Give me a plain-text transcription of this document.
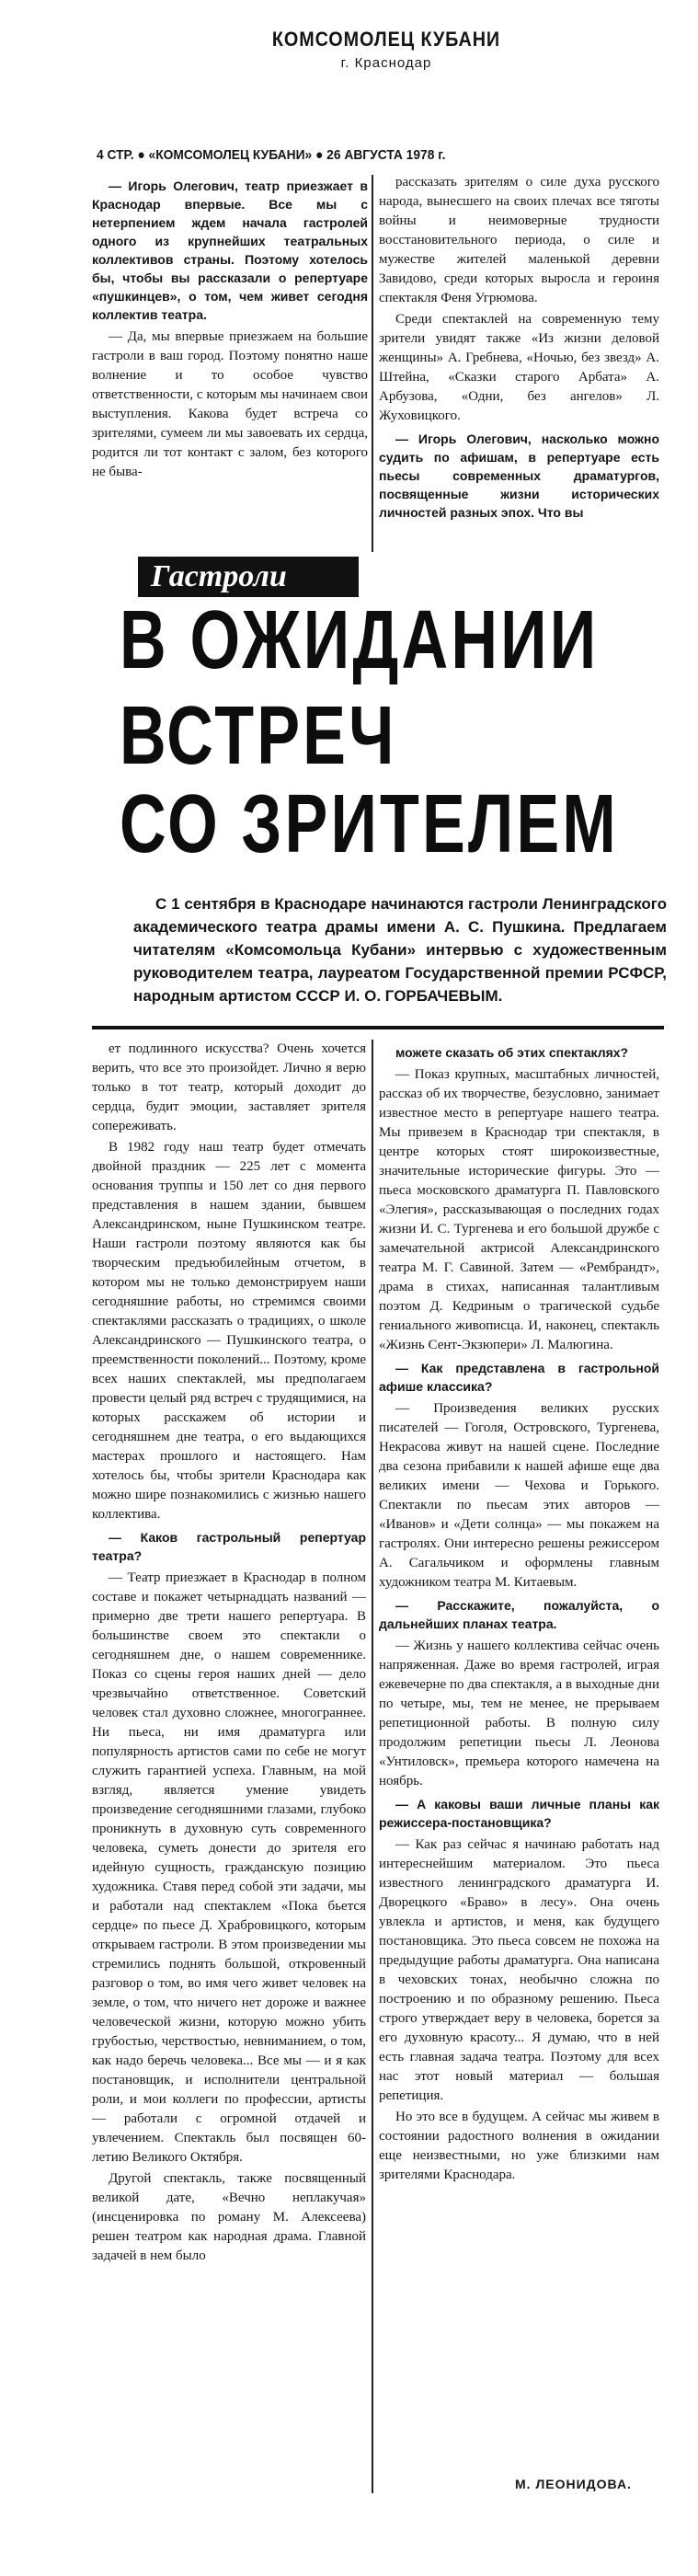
КОМСОМОЛЕЦ КУБАНИ
г. Краснодар
4 СТР. ● «КОМСОМОЛЕЦ КУБАНИ» ● 26 АВГУСТА 1978 г.

— Игорь Олегович, театр приезжает в Краснодар впервые. Все мы с нетерпением ждем начала гастролей одного из крупнейших театральных коллективов страны. Поэтому хотелось бы, чтобы вы рассказали о репертуаре «пушкинцев», о том, чем живет сегодня коллектив театра.

— Да, мы впервые приезжаем на большие гастроли в ваш город. Поэтому понятно наше волнение и то особое чувство ответственности, с которым мы начинаем свои выступления. Какова будет встреча со зрителями, сумеем ли мы завоевать их сердца, родится ли тот контакт с залом, без которого не быва-

рассказать зрителям о силе духа русского народа, вынесшего на своих плечах все тяготы войны и неимоверные трудности восстановительного периода, о силе и мужестве жителей маленькой деревни Завидово, среди которых выросла и героиня спектакля Феня Угрюмова.

Среди спектаклей на современную тему зрители увидят также «Из жизни деловой женщины» А. Гребнева, «Ночью, без звезд» А. Штейна, «Сказки старого Арбата» А. Арбузова, «Одни, без ангелов» Л. Жуховицкого.

— Игорь Олегович, насколько можно судить по афишам, в репертуаре есть пьесы современных драматургов, посвященные жизни исторических личностей разных эпох. Что вы

Гастроли
В ОЖИДАНИИ
ВСТРЕЧ
СО ЗРИТЕЛЕМ
С 1 сентября в Краснодаре начинаются гастроли Ленинградского академического театра драмы имени А. С. Пушкина. Предлагаем читателям «Комсомольца Кубани» интервью с художественным руководителем театра, лауреатом Государственной премии РСФСР, народным артистом СССР И. О. ГОРБАЧЕВЫМ.

ет подлинного искусства? Очень хочется верить, что все это произойдет. Лично я верю только в тот театр, который доходит до сердца, будит эмоции, заставляет зрителя сопереживать.

В 1982 году наш театр будет отмечать двойной праздник — 225 лет с момента основания труппы и 150 лет со дня первого представления в нашем здании, бывшем Александринском, ныне Пушкинском театре. Наши гастроли поэтому являются как бы творческим предъюбилейным отчетом, в котором мы не только демонстрируем наши сегодняшние работы, но стремимся своими спектаклями рассказать о традициях, о школе Александринского — Пушкинского театра, о преемственности поколений... Поэтому, кроме всех наших спектаклей, мы предполагаем провести целый ряд встреч с трудящимися, на которых расскажем об истории и сегодняшнем дне театра, о его выдающихся мастерах прошлого и настоящего. Нам хотелось бы, чтобы зрители Краснодара как можно шире познакомились с жизнью нашего коллектива.

— Каков гастрольный репертуар театра?

— Театр приезжает в Краснодар в полном составе и покажет четырнадцать названий — примерно две трети нашего репертуара. В большинстве своем это спектакли о сегодняшнем дне, о нашем современнике. Показ со сцены героя наших дней — дело чрезвычайно ответственное. Советский человек стал духовно сложнее, многограннее. Ни пьеса, ни имя драматурга или популярность артистов сами по себе не могут служить гарантией успеха. Главным, на мой взгляд, является умение увидеть произведение сегодняшними глазами, глубоко проникнуть в духовную суть современного человека, суметь донести до зрителя его идейную сущность, гражданскую позицию художника. Ставя перед собой эти задачи, мы и работали над спектаклем «Пока бьется сердце» по пьесе Д. Храбровицкого, которым открываем гастроли. В этом произведении мы стремились поднять большой, откровенный разговор о том, во имя чего живет человек на земле, о том, что ничего нет дороже и важнее человеческой жизни, которую можно убить грубостью, черствостью, невниманием, о том, как надо беречь человека... Все мы — и я как постановщик, и исполнители центральной роли, и мои коллеги по профессии, артисты — работали с огромной отдачей и увлечением. Спектакль был посвящен 60-летию Великого Октября.

Другой спектакль, также посвященный великой дате, «Вечно неплакучая» (инсценировка по роману М. Алексеева) решен театром как народная драма. Главной задачей в нем было

можете сказать об этих спектаклях?

— Показ крупных, масштабных личностей, рассказ об их творчестве, безусловно, занимает известное место в репертуаре нашего театра. Мы привезем в Краснодар три спектакля, в центре которых стоят широкоизвестные, значительные исторические фигуры. Это — пьеса московского драматурга П. Павловского «Элегия», рассказывающая о последних годах жизни И. С. Тургенева и его большой дружбе с замечательной актрисой Александринского театра М. Г. Савиной. Затем — «Рембрандт», драма в стихах, написанная талантливым поэтом Д. Кедриным о трагической судьбе гениального живописца. И, наконец, спектакль «Жизнь Сент-Экзюпери» Л. Малюгина.

— Как представлена в гастрольной афише классика?

— Произведения великих русских писателей — Гоголя, Островского, Тургенева, Некрасова живут на нашей сцене. Последние два сезона прибавили к нашей афише еще два великих имени — Чехова и Горького. Спектакли по пьесам этих авторов — «Иванов» и «Дети солнца» — мы покажем на гастролях. Они интересно решены режиссером А. Сагальчиком и оформлены главным художником театра М. Китаевым.

— Расскажите, пожалуйста, о дальнейших планах театра.

— Жизнь у нашего коллектива сейчас очень напряженная. Даже во время гастролей, играя ежевечерне по два спектакля, а в выходные дни по четыре, мы, тем не менее, не прерываем репетиционной работы. В полную силу продолжим репетиции пьесы Л. Леонова «Унтиловск», премьера которого намечена на ноябрь.

— А каковы ваши личные планы как режиссера-постановщика?

— Как раз сейчас я начинаю работать над интереснейшим материалом. Это пьеса известного ленинградского драматурга И. Дворецкого «Браво» в лесу». Она очень увлекла и артистов, и меня, как будущего постановщика. Это пьеса совсем не похожа на предыдущие работы драматурга. Она написана в чеховских тонах, необычно сложна по построению и по образному решению. Пьеса строго утверждает веру в человека, борется за его духовную красоту... Я думаю, что в ней есть главная задача театра. Поэтому для всех нас этот новый материал — большая репетиция.

Но это все в будущем. А сейчас мы живем в состоянии радостного волнения в ожидании еще неизвестными, но уже близкими нам зрителями Краснодара.

М. ЛЕОНИДОВА.
